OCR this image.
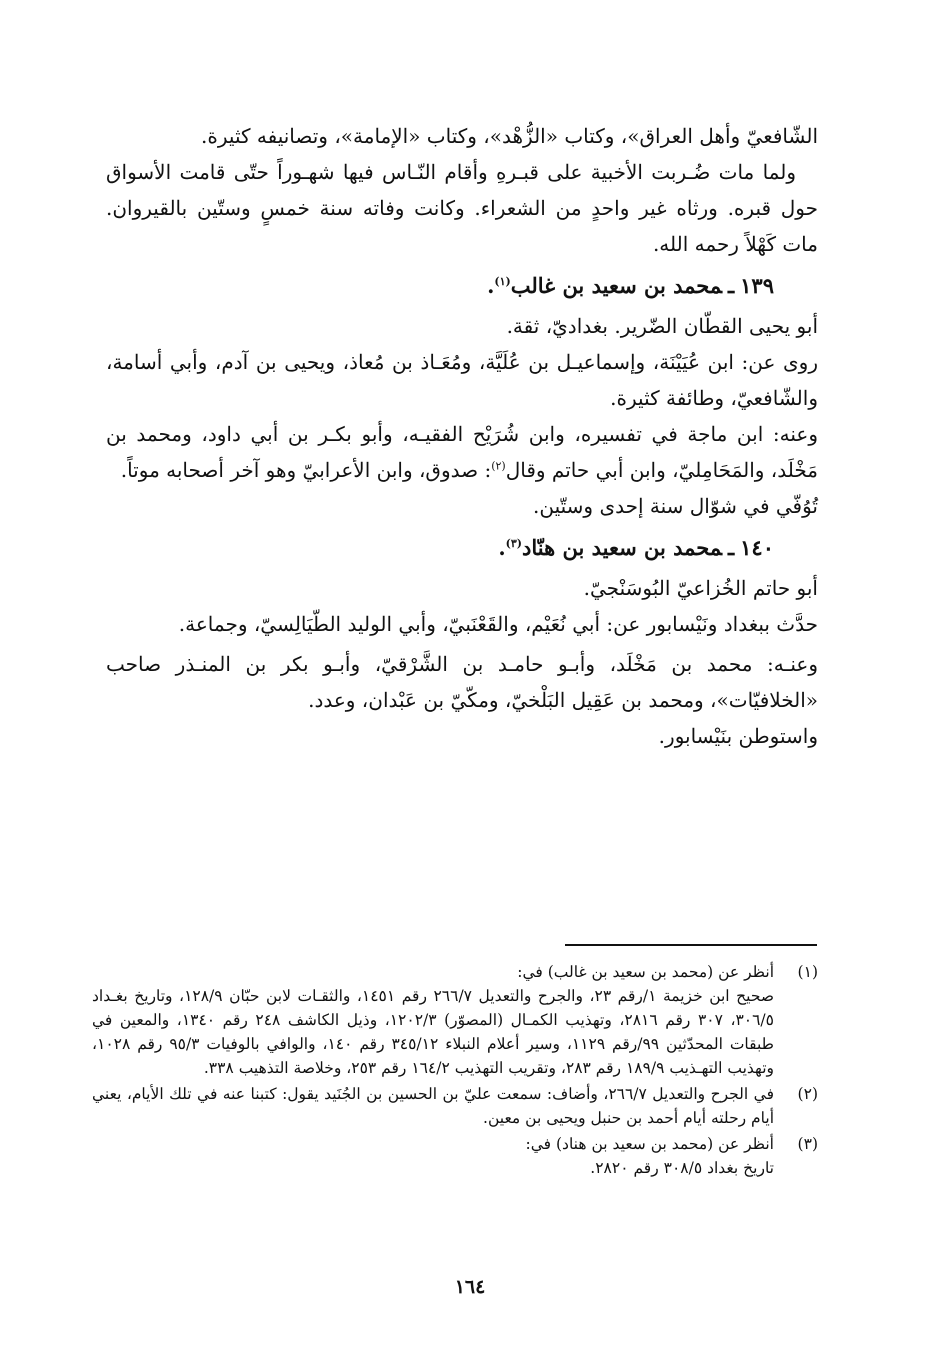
الشّافعيّ وأهل العراق»، وكتاب «الزُّهْد»، وكتاب «الإمامة»، وتصانيفه كثيرة.

ولما مات ضُـربت الأخبية على قبـرهِ وأقام النّـاس فيها شهـوراً حتّى قامت الأسواق حول قبره. ورثاه غير واحدٍ من الشعراء. وكانت وفاته سنة خمسٍ وستّين بالقيروان. مات كَهْلاً رحمه الله.

١٣٩ـمحمد بن سعيد بن غالب$^{(١)}$.

أبو يحيى القطّان الضّرير. بغداديّ، ثقة.

روى عن: ابن عُيَيْنَة، وإسماعيـل بن عُلَيَّة، ومُعَـاذ بن مُعاذ، ويحيى بن آدم، وأبي أسامة، والشّافعيّ، وطائفة كثيرة.

وعنه: ابن ماجة في تفسيره، وابن شُرَيْح الفقيـه، وأبو بكـر بن أبي داود، ومحمد بن مَخْلَد، والمَحَامِليّ، وابن أبي حاتم وقال$^{(٢)}$: صدوق، وابن الأعرابيّ وهو آخر أصحابه موتاً.

تُوُفّي في شوّال سنة إحدى وستّين.

١٤٠ـمحمد بن سعيد بن هنّاد$^{(٣)}$.

أبو حاتم الخُزاعيّ البُوسَنْجيّ.

حدَّث ببغداد ونَيْسابور عن: أبي نُعَيْم، والقَعْنَبيّ، وأبي الوليد الطّيَالِسيّ، وجماعة.

وعنـه: محمد بن مَخْلَد، وأبـو حامـد بن الشَّرْقيّ، وأبـو بكر بن المنـذر صاحب «الخلافيّات»، ومحمد بن عَقِيل البَلْخيّ، ومكّيّ بن عَبْدان، وعدد.

واستوطن بنَيْسابور.

(١)

أنظر عن (محمد بن سعيد بن غالب) في:

صحيح ابن خزيمة ١/رقم ٢٣، والجرح والتعديل ٢٦٦/٧ رقم ١٤٥١، والثقـات لابن حبّان ١٢٨/٩، وتاريخ بغـداد ٣٠٦/٥، ٣٠٧ رقم ٢٨١٦، وتهذيب الكمـال (المصوّر) ١٢٠٢/٣، وذيل الكاشف ٢٤٨ رقم ١٣٤٠، والمعين في طبقات المحدّثين ٩٩/رقم ١١٢٩، وسير أعلام النبلاء ٣٤٥/١٢ رقم ١٤٠، والوافي بالوفيات ٩٥/٣ رقم ١٠٢٨، وتهذيب التهـذيب ١٨٩/٩ رقم ٢٨٣، وتقريب التهذيب ١٦٤/٢ رقم ٢٥٣، وخلاصة التذهيب ٣٣٨.

(٢)

في الجرح والتعديل ٢٦٦/٧، وأضاف: سمعت عليّ بن الحسين بن الجُنَيد يقول: كتبنا عنه في تلك الأيام، يعني أيام رحلته أيام أحمد بن حنبل ويحيى بن معين.

(٣)

أنظر عن (محمد بن سعيد بن هناد) في:

تاريخ بغداد ٣٠٨/٥ رقم ٢٨٢٠.

١٦٤
